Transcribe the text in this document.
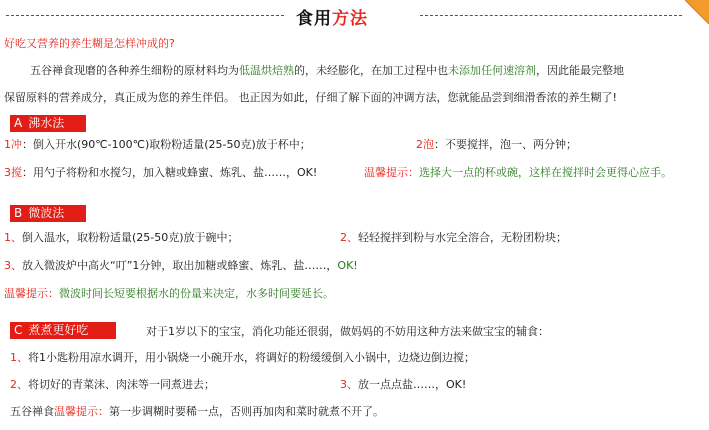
食用方法
好吃又营养的养生糊是怎样冲成的?
五谷禅食现磨的各种养生细粉的原材料均为低温烘焙熟的，未经膨化，在加工过程中也未添加任何速溶剂，因此能最完整地
保留原料的营养成分，真正成为您的养生伴侣。 也正因为如此，仔细了解下面的冲调方法，您就能品尝到细滑香浓的养生糊了!
A 沸水法
1冲：倒入开水(90℃-100℃)取粉粉适量(25-50克)放于杯中；	2泡：不要搅拌，泡一、两分钟；
3搅：用勺子将粉和水搅匀，加入糖或蜂蜜、炼乳、盐……，OK!	温馨提示：选择大一点的杯或碗，这样在搅拌时会更得心应手。
B 微波法
1、倒入温水，取粉粉适量(25-50克)放于碗中；	2、轻轻搅拌到粉与水完全溶合，无粉团粉块；
3、放入微波炉中高火“叮”1分钟，取出加糖或蜂蜜、炼乳、盐……，OK!
温馨提示：微波时间长短要根据水的份量来决定，水多时间要延长。
C 煮煮更好吃	对于1岁以下的宝宝，消化功能还很弱，做妈妈的不妨用这种方法来做宝宝的辅食：
1、将1小匙粉用凉水调开，用小锅烧一小碗开水，将调好的粉缓缓倒入小锅中，边烧边倒边搅；
2、将切好的青菜沫、肉沫等一同煮进去；	3、放一点点盐……，OK!
五谷禅食温馨提示：第一步调糊时要稀一点，否则再加肉和菜时就煮不开了。
